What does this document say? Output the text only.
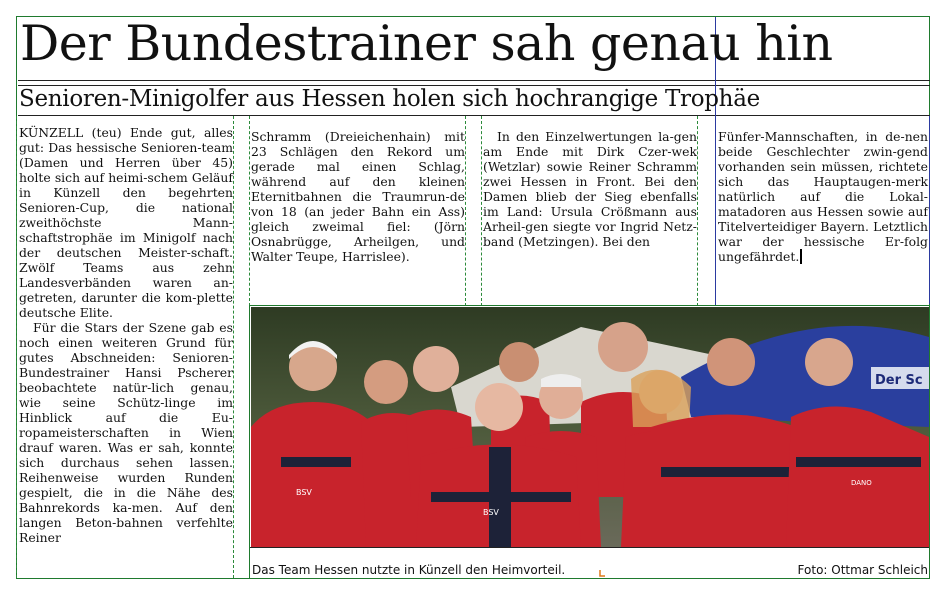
Der Bundestrainer sah genau hin
Senioren-Minigolfer aus Hessen holen sich hochrangige Trophäe

KÜNZELL (teu) Ende gut, alles gut: Das hessische Senioren-team (Damen und Herren über 45) holte sich auf heimi-schem Geläuf in Künzell den begehrten Senioren-Cup, die national zweithöchste Mann-schaftstrophäe im Minigolf nach der deutschen Meister-schaft. Zwölf Teams aus zehn Landesverbänden waren an-getreten, darunter die kom-plette deutsche Elite.

Für die Stars der Szene gab es noch einen weiteren Grund für gutes Abschneiden: Senioren-Bundestrainer Hansi Pscherer beobachtete natür-lich genau, wie seine Schütz-linge im Hinblick auf die Eu-ropameisterschaften in Wien drauf waren. Was er sah, konnte sich durchaus sehen lassen. Reihenweise wurden Runden gespielt, die in die Nähe des Bahnrekords ka-men. Auf den langen Beton-bahnen verfehlte Reiner

Schramm (Dreieichenhain) mit 23 Schlägen den Rekord um gerade mal einen Schlag, während auf den kleinen Eternitbahnen die Traumrun-de von 18 (an jeder Bahn ein Ass) gleich zweimal fiel: (Jörn Osnabrügge, Arheilgen, und Walter Teupe, Harrislee).

In den Einzelwertungen la-gen am Ende mit Dirk Czer-wek (Wetzlar) sowie Reiner Schramm zwei Hessen in Front. Bei den Damen blieb der Sieg ebenfalls im Land: Ursula Crößmann aus Arheil-gen siegte vor Ingrid Netz-band (Metzingen). Bei den

Fünfer-Mannschaften, in de-nen beide Geschlechter zwin-gend vorhanden sein müssen, richtete sich das Hauptaugen-merk natürlich auf die Lokal-matadoren aus Hessen sowie auf Titelverteidiger Bayern. Letztlich war der hessische Er-folg ungefährdet.

Der Sc
BSV
BSV
DANO
Das Team Hessen nutzte in Künzell den Heimvorteil.	Foto: Ottmar Schleich
